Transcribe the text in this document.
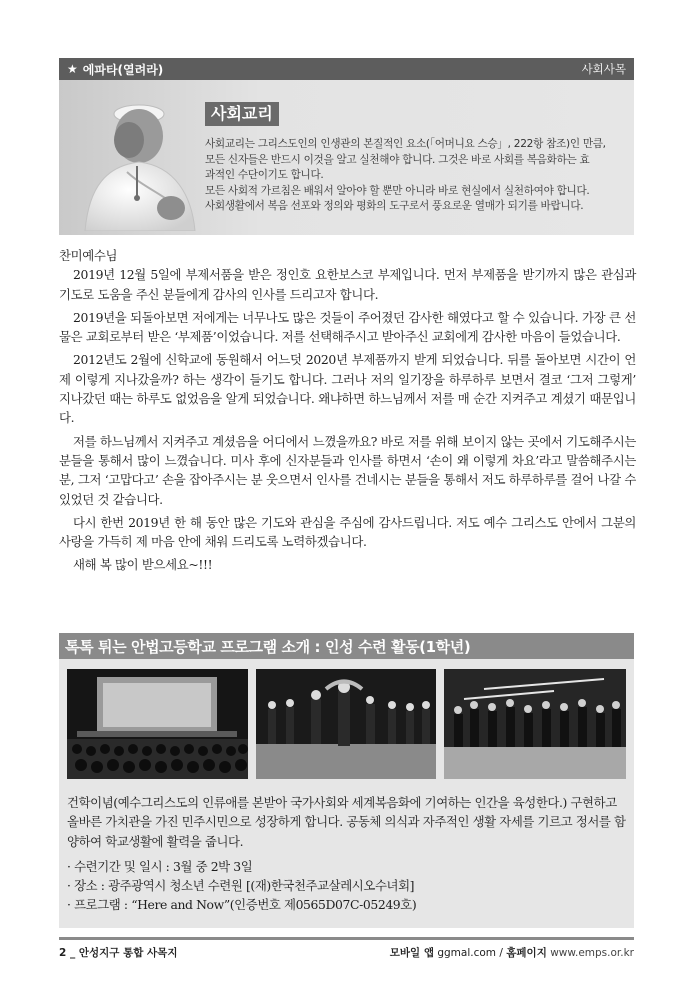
★ 에파타(열려라)	사회사목
사회교리

사회교리는 그리스도인의 인생관의 본질적인 요소(「어머니요 스승」, 222항 참조)인 만큼,

모든 신자들은 반드시 이것을 알고 실천해야 합니다. 그것은 바로 사회를 복음화하는 효

과적인 수단이기도 합니다.

모든 사회적 가르침은 배워서 알아야 할 뿐만 아니라 바로 현실에서 실천하여야 합니다.

사회생활에서 복음 선포와 정의와 평화의 도구로서 풍요로운 열매가 되기를 바랍니다.

찬미예수님

2019년 12월 5일에 부제서품을 받은 정인호 요한보스코 부제입니다. 먼저 부제품을 받기까지 많은 관심과 기도로 도움을 주신 분들에게 감사의 인사를 드리고자 합니다.

2019년을 되돌아보면 저에게는 너무나도 많은 것들이 주어졌던 감사한 해였다고 할 수 있습니다. 가장 큰 선물은 교회로부터 받은 ‘부제품’이었습니다. 저를 선택해주시고 받아주신 교회에게 감사한 마음이 들었습니다.

2012년도 2월에 신학교에 동원해서 어느덧 2020년 부제품까지 받게 되었습니다. 뒤를 돌아보면 시간이 언제 이렇게 지나갔을까? 하는 생각이 들기도 합니다. 그러나 저의 일기장을 하루하루 보면서 결코 ‘그저 그렇게’ 지나갔던 때는 하루도 없었음을 알게 되었습니다. 왜냐하면 하느님께서 저를 매 순간 지켜주고 계셨기 때문입니다.

저를 하느님께서 지켜주고 계셨음을 어디에서 느꼈을까요? 바로 저를 위해 보이지 않는 곳에서 기도해주시는 분들을 통해서 많이 느꼈습니다. 미사 후에 신자분들과 인사를 하면서 ‘손이 왜 이렇게 차요’라고 말씀해주시는 분, 그저 ‘고맙다고’ 손을 잡아주시는 분 웃으면서 인사를 건네시는 분들을 통해서 저도 하루하루를 걸어 나갈 수 있었던 것 같습니다.

다시 한번 2019년 한 해 동안 많은 기도와 관심을 주심에 감사드립니다. 저도 예수 그리스도 안에서 그분의 사랑을 가득히 제 마음 안에 채워 드리도록 노력하겠습니다.

새해 복 많이 받으세요~!!!

톡톡 튀는 안법고등학교 프로그램 소개 : 인성 수련 활동(1학년)

건학이념(예수그리스도의 인류애를 본받아 국가사회와 세계복음화에 기여하는 인간을 육성한다.) 구현하고 올바른 가치관을 가진 민주시민으로 성장하게 합니다. 공동체 의식과 자주적인 생활 자세를 기르고 정서를 함양하여 학교생활에 활력을 줍니다.

· 수련기간 및 일시 : 3월 중 2박 3일
· 장소 : 광주광역시 청소년 수련원 [(재)한국천주교살레시오수녀회]
· 프로그램 : “Here and Now”(인증번호 제0565D07C-05249호)
2 _ 안성지구 통합 사목지	모바일 앱 ggmal.com / 홈페이지 www.emps.or.kr
